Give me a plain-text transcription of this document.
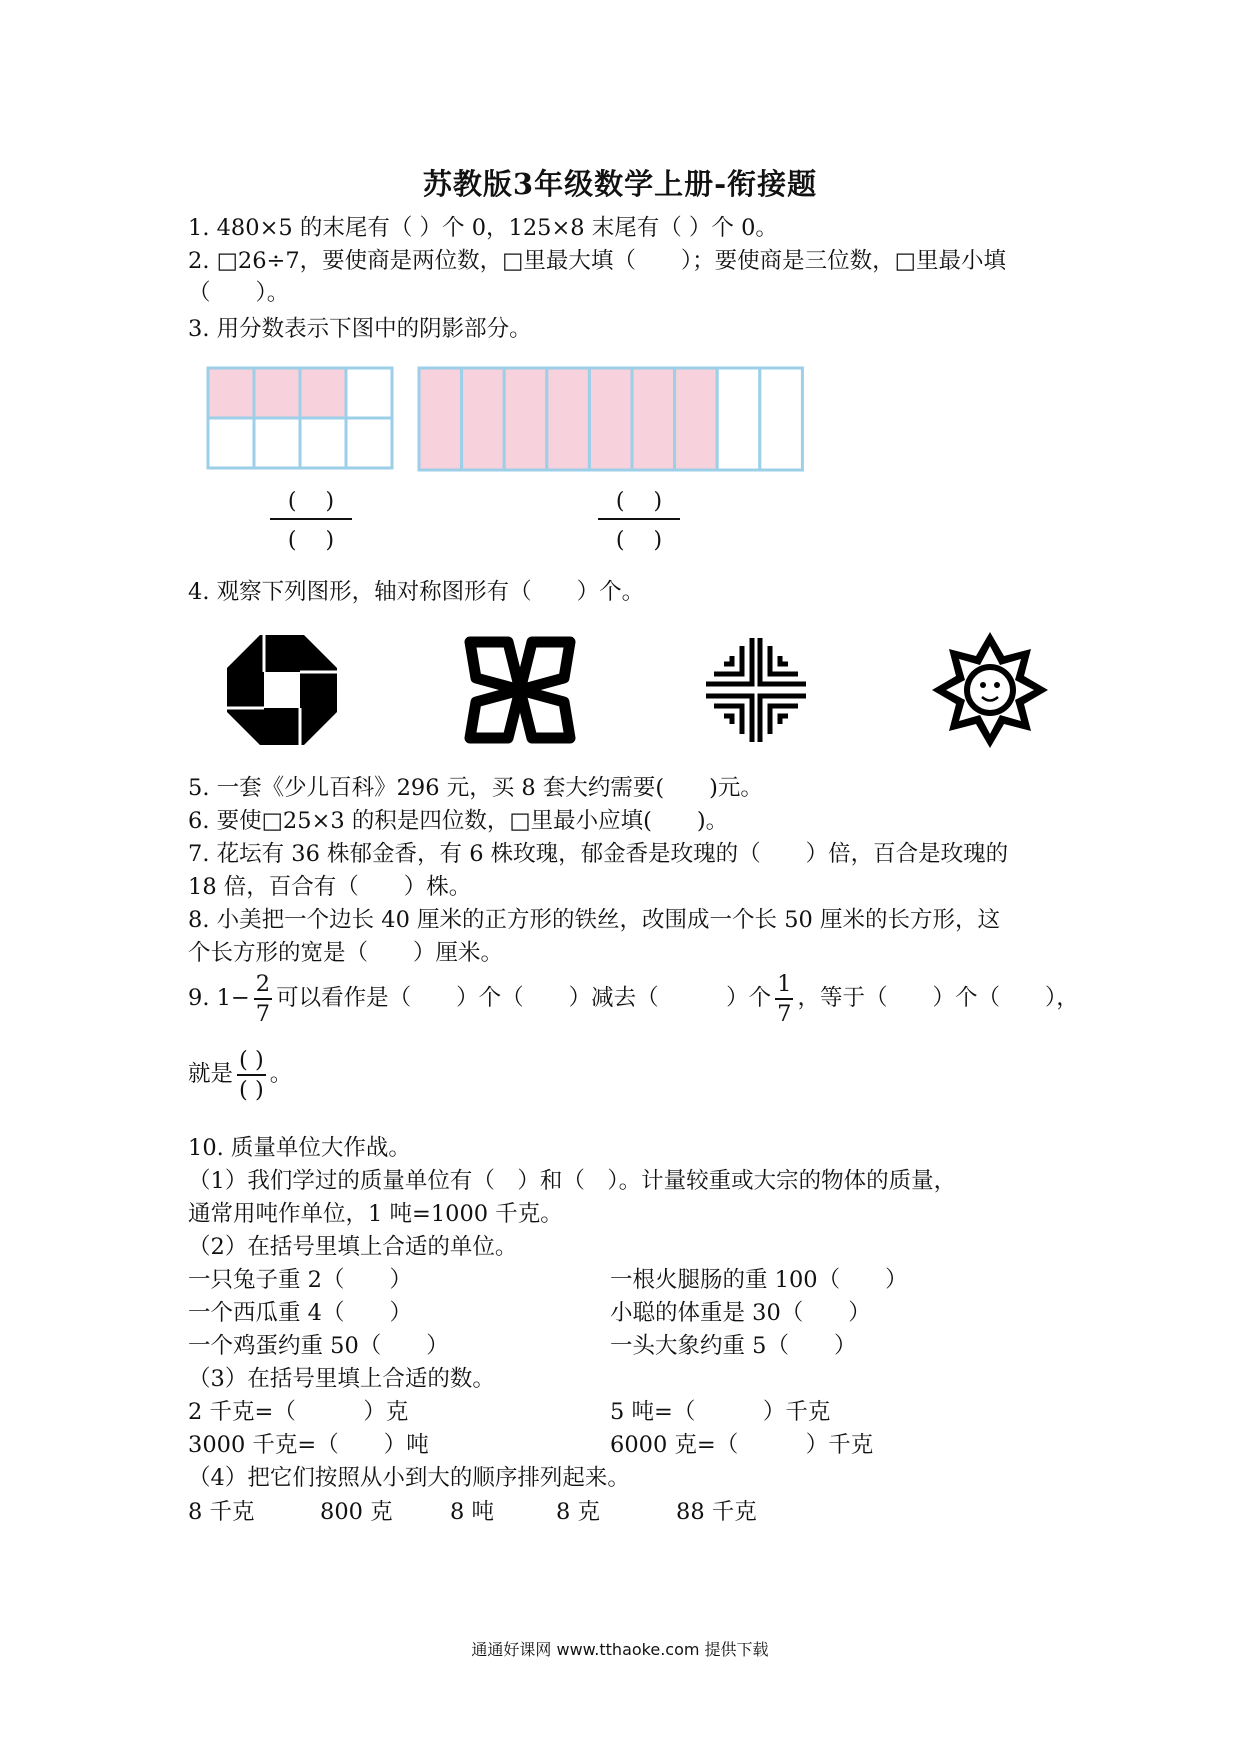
苏教版3年级数学上册-衔接题
1. 480×5 的末尾有（ ）个 0，125×8 末尾有（ ）个 0。
2. □26÷7，要使商是两位数，□里最大填（　　）；要使商是三位数，□里最小填
（　　）。
3. 用分数表示下图中的阴影部分。
(　 )
(　 )
(　 )
(　 )
4. 观察下列图形，轴对称图形有（　　）个。
5. 一套《少儿百科》296 元，买 8 套大约需要(　　)元。
6. 要使□25×3 的积是四位数，□里最小应填(　　)。
7. 花坛有 36 株郁金香，有 6 株玫瑰，郁金香是玫瑰的（　　）倍，百合是玫瑰的
18 倍，百合有（　　）株。
8. 小美把一个边长 40 厘米的正方形的铁丝，改围成一个长 50 厘米的长方形，这
个长方形的宽是（　　）厘米。
9. $1- \frac{2}{7}$ 可以看作是（　　）个（　　）减去（　　　）个 $\frac{1}{7}$ ，等于（　　）个（　　），
就是 $\frac{( )}{( )}$ 。
10. 质量单位大作战。
（1）我们学过的质量单位有（　）和（　）。计量较重或大宗的物体的质量，
通常用吨作单位，1 吨=1000 千克。
（2）在括号里填上合适的单位。
一只兔子重 2（　　）	一根火腿肠的重 100（　　）
一个西瓜重 4（　　）	小聪的体重是 30（　　）
一个鸡蛋约重 50（　　）	一头大象约重 5（　　）
（3）在括号里填上合适的数。
2 千克=（　　　）克	5 吨=（　　　）千克
3000 千克=（　　）吨	6000 克=（　　　）千克
（4）把它们按照从小到大的顺序排列起来。
8 千克	800 克	8 吨	8 克	88 千克
通通好课网 www.tthaoke.com 提供下载
